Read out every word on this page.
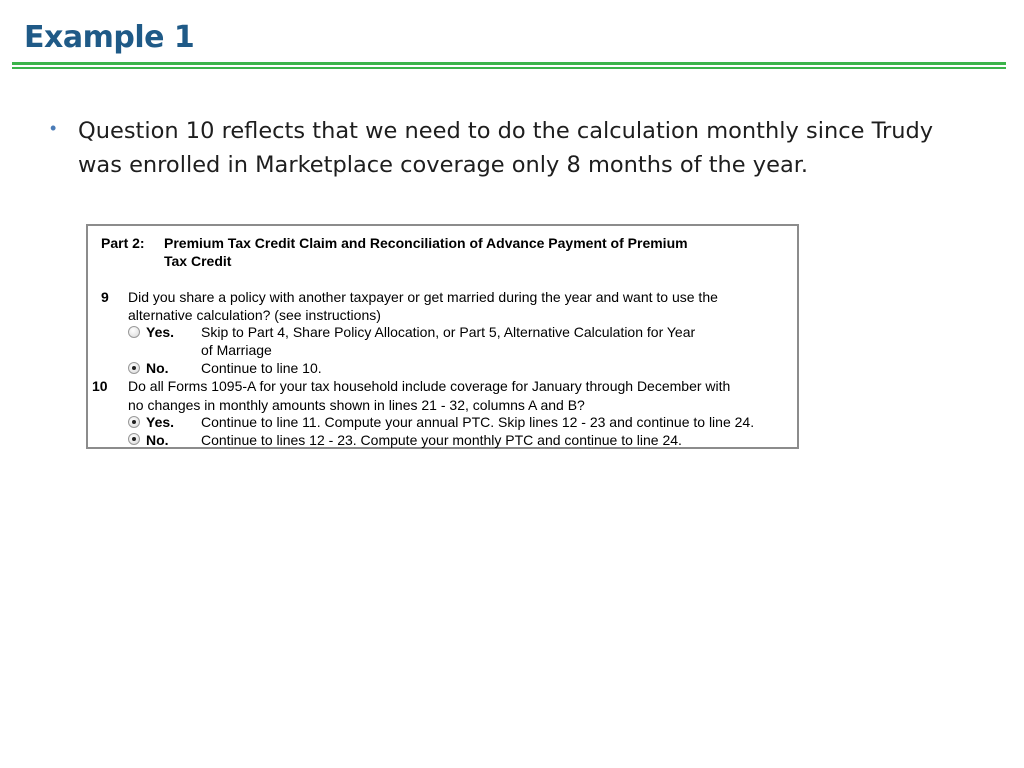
Example 1
• Question 10 reflects that we need to do the calculation monthly since Trudy was enrolled in Marketplace coverage only 8 months of the year.
Part 2: Premium Tax Credit Claim and Reconciliation of Advance Payment of Premium
Tax Credit
9 Did you share a policy with another taxpayer or get married during the year and want to use the
alternative calculation? (see instructions)
Yes. Skip to Part 4, Share Policy Allocation, or Part 5, Alternative Calculation for Year
of Marriage
No. Continue to line 10.
10 Do all Forms 1095-A for your tax household include coverage for January through December with
no changes in monthly amounts shown in lines 21 - 32, columns A and B?
Yes. Continue to line 11. Compute your annual PTC. Skip lines 12 - 23 and continue to line 24.
No. Continue to lines 12 - 23. Compute your monthly PTC and continue to line 24.
